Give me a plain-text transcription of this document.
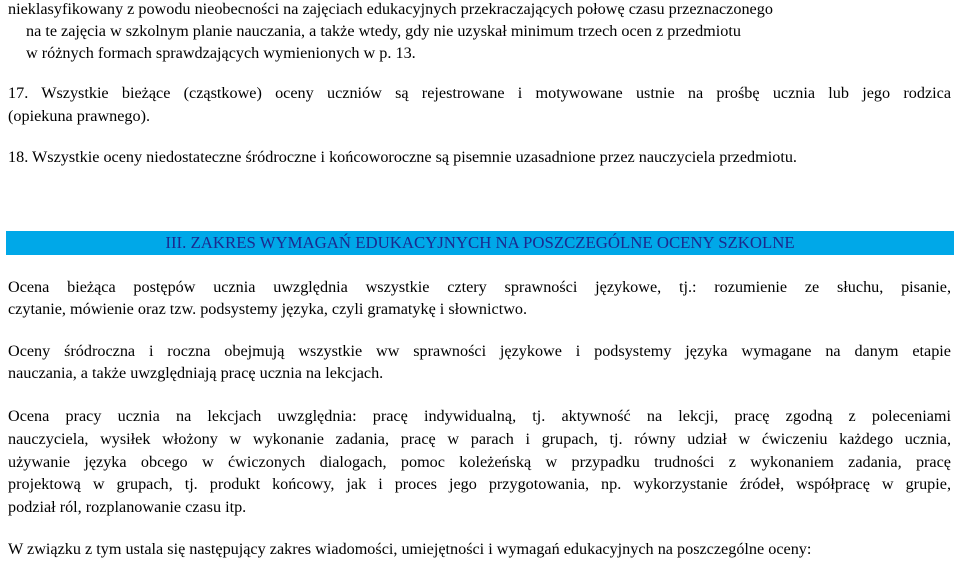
nieklasyfikowany z powodu nieobecności na zajęciach edukacyjnych przekraczających połowę czasu przeznaczonego
na te zajęcia w szkolnym planie nauczania, a także wtedy, gdy nie uzyskał minimum trzech ocen z przedmiotu
w różnych formach sprawdzających wymienionych w p. 13.
17. Wszystkie bieżące (cząstkowe) oceny uczniów są rejestrowane i motywowane ustnie na prośbę ucznia lub jego rodzica
(opiekuna prawnego).
18. Wszystkie oceny niedostateczne śródroczne i końcoworoczne są pisemnie uzasadnione przez nauczyciela przedmiotu.
III. ZAKRES WYMAGAŃ EDUKACYJNYCH NA POSZCZEGÓLNE OCENY SZKOLNE
Ocena bieżąca postępów ucznia uwzględnia wszystkie cztery sprawności językowe, tj.: rozumienie ze słuchu, pisanie,
czytanie, mówienie oraz tzw. podsystemy języka, czyli gramatykę i słownictwo.
Oceny śródroczna i roczna obejmują wszystkie ww sprawności językowe i podsystemy języka wymagane na danym etapie
nauczania, a także uwzględniają pracę ucznia na lekcjach.
Ocena pracy ucznia na lekcjach uwzględnia: pracę indywidualną, tj. aktywność na lekcji, pracę zgodną z poleceniami
nauczyciela, wysiłek włożony w wykonanie zadania, pracę w parach i grupach, tj. równy udział w ćwiczeniu każdego ucznia,
używanie języka obcego w ćwiczonych dialogach, pomoc koleżeńską w przypadku trudności z wykonaniem zadania, pracę
projektową w grupach, tj. produkt końcowy, jak i proces jego przygotowania, np. wykorzystanie źródeł, współpracę w grupie,
podział ról, rozplanowanie czasu itp.
W związku z tym ustala się następujący zakres wiadomości, umiejętności i wymagań edukacyjnych na poszczególne oceny:
